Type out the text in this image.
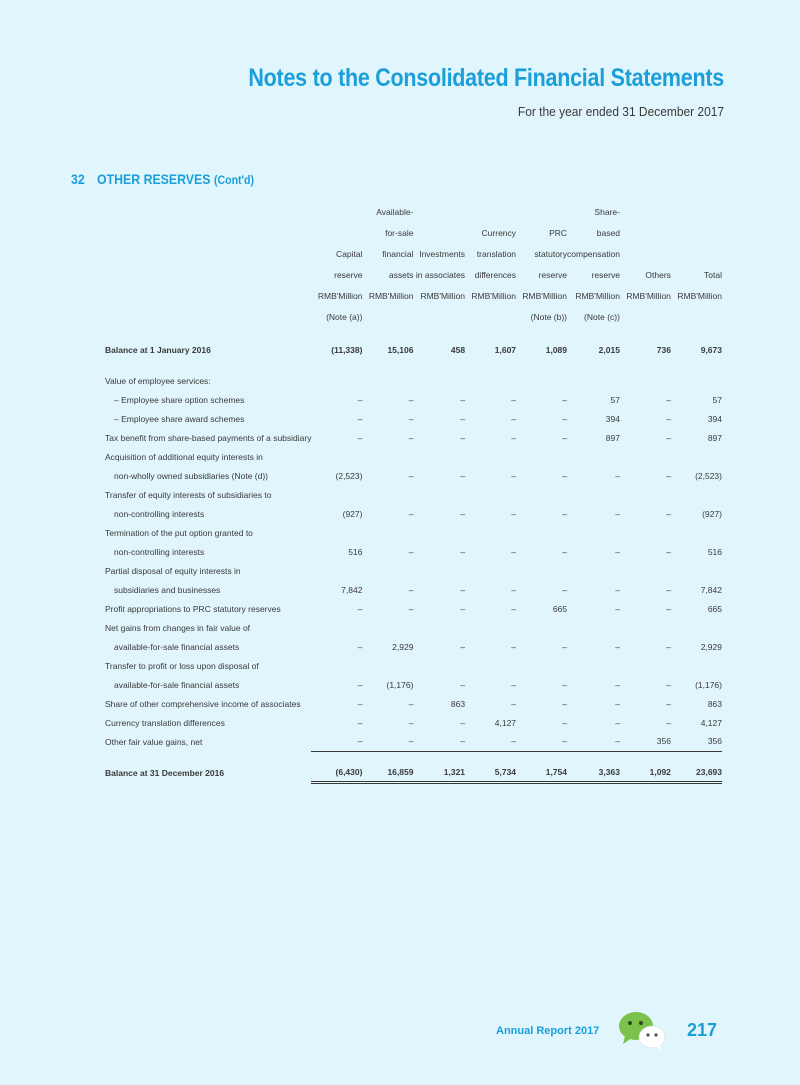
Notes to the Consolidated Financial Statements
For the year ended 31 December 2017
32 OTHER RESERVES (Cont'd)
		Available-				Share-		
		for-sale		Currency	PRC	based		
	Capital	financial	Investments	translation	statutory	compensation		
	reserve	assets	in associates	differences	reserve	reserve	Others	Total
	RMB'Million	RMB'Million	RMB'Million	RMB'Million	RMB'Million	RMB'Million	RMB'Million	RMB'Million
	(Note (a))				(Note (b))	(Note (c))		

Balance at 1 January 2016	(11,338)	15,106	458	1,607	1,089	2,015	736	9,673

Value of employee services:								
– Employee share option schemes	–	–	–	–	–	57	–	57
– Employee share award schemes	–	–	–	–	–	394	–	394
Tax benefit from share-based payments of a subsidiary	–	–	–	–	–	897	–	897
Acquisition of additional equity interests in								
non-wholly owned subsidiaries (Note (d))	(2,523)	–	–	–	–	–	–	(2,523)
Transfer of equity interests of subsidiaries to								
non-controlling interests	(927)	–	–	–	–	–	–	(927)
Termination of the put option granted to								
non-controlling interests	516	–	–	–	–	–	–	516
Partial disposal of equity interests in								
subsidiaries and businesses	7,842	–	–	–	–	–	–	7,842
Profit appropriations to PRC statutory reserves	–	–	–	–	665	–	–	665
Net gains from changes in fair value of								
available-for-sale financial assets	–	2,929	–	–	–	–	–	2,929
Transfer to profit or loss upon disposal of								
available-for-sale financial assets	–	(1,176)	–	–	–	–	–	(1,176)
Share of other comprehensive income of associates	–	–	863	–	–	–	–	863
Currency translation differences	–	–	–	4,127	–	–	–	4,127
Other fair value gains, net	–	–	–	–	–	–	356	356

Balance at 31 December 2016	(6,430)	16,859	1,321	5,734	1,754	3,363	1,092	23,693
Annual Report 2017	217
